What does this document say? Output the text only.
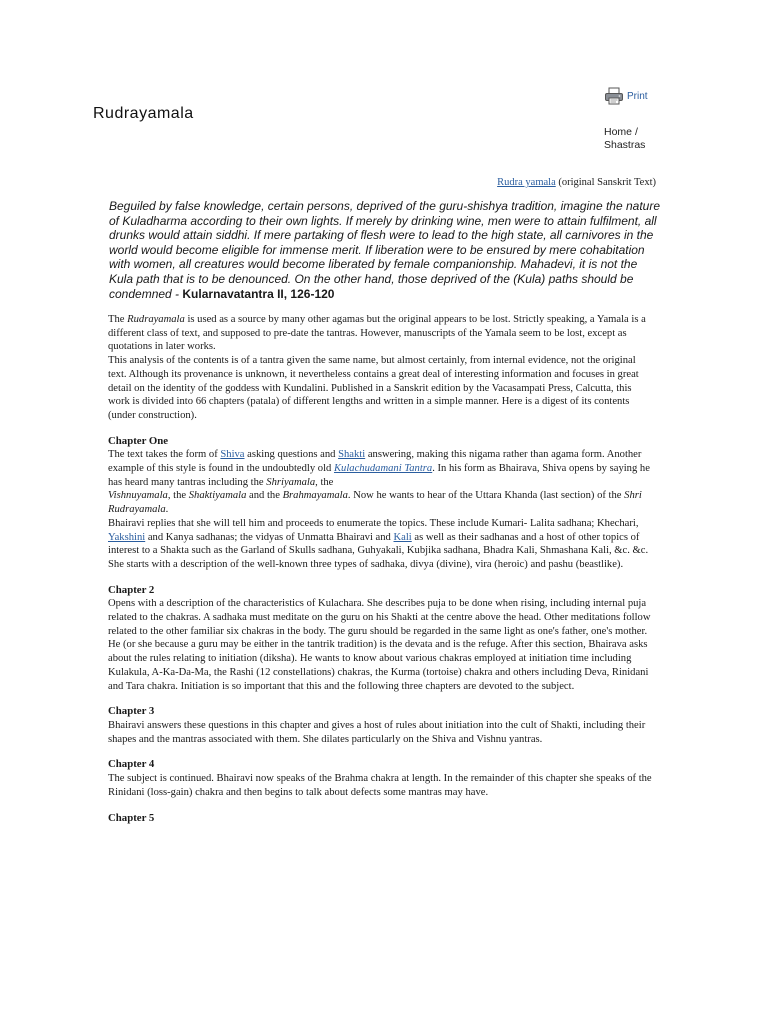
Print
Rudrayamala
Home /
Shastras
Rudra yamala (original Sanskrit Text)

Beguiled by false knowledge, certain persons, deprived of the guru-shishya tradition, imagine the nature of Kuladharma according to their own lights. If merely by drinking wine, men were to attain fulfilment, all drunks would attain siddhi. If mere partaking of flesh were to lead to the high state, all carnivores in the world would become eligible for immense merit. If liberation were to be ensured by mere cohabitation with women, all creatures would become liberated by female companionship. Mahadevi, it is not the Kula path that is to be denounced. On the other hand, those deprived of the (Kula) paths should be condemned - Kularnavatantra II, 126-120

The Rudrayamala is used as a source by many other agamas but the original appears to be lost. Strictly speaking, a Yamala is a different class of text, and supposed to pre-date the tantras. However, manuscripts of the Yamala seem to be lost, except as quotations in later works.

This analysis of the contents is of a tantra given the same name, but almost certainly, from internal evidence, not the original text. Although its provenance is unknown, it nevertheless contains a great deal of interesting information and focuses in great detail on the identity of the goddess with Kundalini. Published in a Sanskrit edition by the Vacasampati Press, Calcutta, this work is divided into 66 chapters (patala) of different lengths and written in a simple manner. Here is a digest of its contents (under construction).

Chapter One

The text takes the form of Shiva asking questions and Shakti answering, making this nigama rather than agama form. Another example of this style is found in the undoubtedly old Kulachudamani Tantra. In his form as Bhairava, Shiva opens by saying he has heard many tantras including the Shriyamala, the
Vishnuyamala, the Shaktiyamala and the Brahmayamala. Now he wants to hear of the Uttara Khanda (last section) of the Shri Rudrayamala.

Bhairavi replies that she will tell him and proceeds to enumerate the topics. These include Kumari- Lalita sadhana; Khechari, Yakshini and Kanya sadhanas; the vidyas of Unmatta Bhairavi and Kali as well as their sadhanas and a host of other topics of interest to a Shakta such as the Garland of Skulls sadhana, Guhyakali, Kubjika sadhana, Bhadra Kali, Shmashana Kali, &c. &c. She starts with a description of the well-known three types of sadhaka, divya (divine), vira (heroic) and pashu (beastlike).

Chapter 2

Opens with a description of the characteristics of Kulachara. She describes puja to be done when rising, including internal puja related to the chakras. A sadhaka must meditate on the guru on his Shakti at the centre above the head. Other meditations follow related to the other familiar six chakras in the body. The guru should be regarded in the same light as one's father, one's mother. He (or she because a guru may be either in the tantrik tradition) is the devata and is the refuge. After this section, Bhairava asks about the rules relating to initiation (diksha). He wants to know about various chakras employed at initiation time including Kulakula, A-Ka-Da-Ma, the Rashi (12 constellations) chakras, the Kurma (tortoise) chakra and others including Deva, Rinidani and Tara chakra. Initiation is so important that this and the following three chapters are devoted to the subject.

Chapter 3

Bhairavi answers these questions in this chapter and gives a host of rules about initiation into the cult of Shakti, including their shapes and the mantras associated with them. She dilates particularly on the Shiva and Vishnu yantras.

Chapter 4

The subject is continued. Bhairavi now speaks of the Brahma chakra at length. In the remainder of this chapter she speaks of the Rinidani (loss-gain) chakra and then begins to talk about defects some mantras may have.

Chapter 5
